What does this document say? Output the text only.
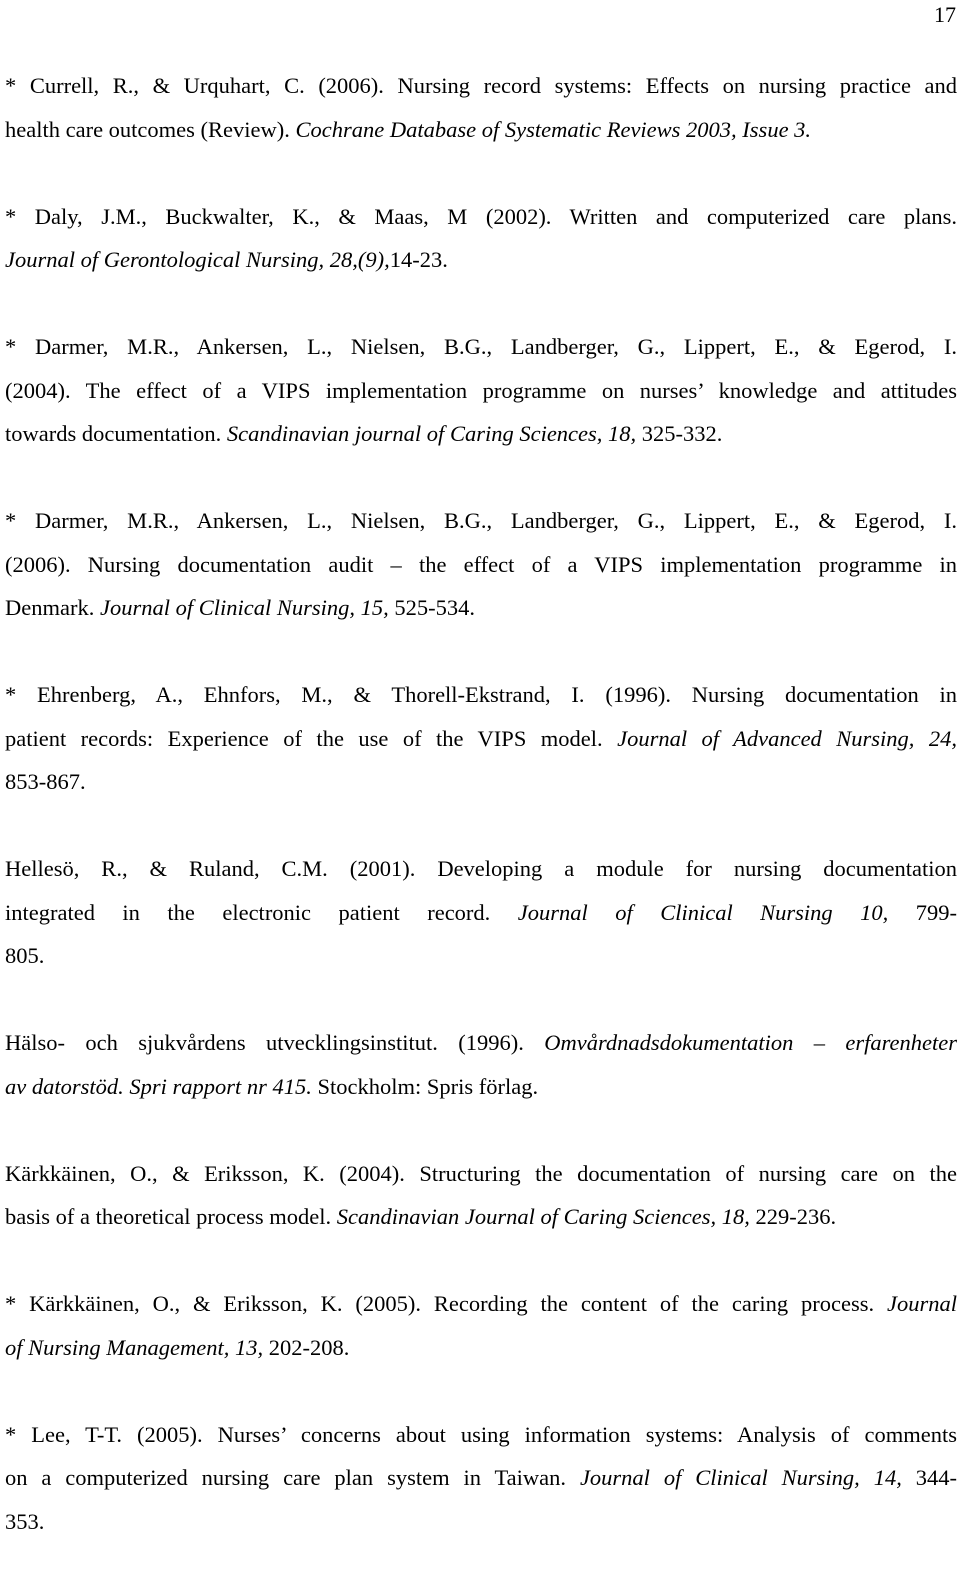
17
* Currell, R., & Urquhart, C. (2006). Nursing record systems: Effects on nursing practice and
health care outcomes (Review). Cochrane Database of Systematic Reviews 2003, Issue 3.
* Daly, J.M., Buckwalter, K., & Maas, M (2002). Written and computerized care plans.
Journal of Gerontological Nursing, 28,(9),14-23.
* Darmer, M.R., Ankersen, L., Nielsen, B.G., Landberger, G., Lippert, E., & Egerod, I.
(2004). The effect of a VIPS implementation programme on nurses’ knowledge and attitudes
towards documentation. Scandinavian journal of Caring Sciences, 18, 325-332.
* Darmer, M.R., Ankersen, L., Nielsen, B.G., Landberger, G., Lippert, E., & Egerod, I.
(2006). Nursing documentation audit – the effect of a VIPS implementation programme in
Denmark. Journal of Clinical Nursing, 15, 525-534.
* Ehrenberg, A., Ehnfors, M., & Thorell-Ekstrand, I. (1996). Nursing documentation in
patient records: Experience of the use of the VIPS model. Journal of Advanced Nursing, 24,
853-867.
Hellesö, R., & Ruland, C.M. (2001). Developing a module for nursing documentation
integrated in the electronic patient record. Journal of Clinical Nursing 10, 799-
805.
Hälso- och sjukvårdens utvecklingsinstitut. (1996). Omvårdnadsdokumentation – erfarenheter
av datorstöd. Spri rapport nr 415. Stockholm: Spris förlag.
Kärkkäinen, O., & Eriksson, K. (2004). Structuring the documentation of nursing care on the
basis of a theoretical process model. Scandinavian Journal of Caring Sciences, 18, 229-236.
* Kärkkäinen, O., & Eriksson, K. (2005). Recording the content of the caring process. Journal
of Nursing Management, 13, 202-208.
* Lee, T-T. (2005). Nurses’ concerns about using information systems: Analysis of comments
on a computerized nursing care plan system in Taiwan. Journal of Clinical Nursing, 14, 344-
353.
